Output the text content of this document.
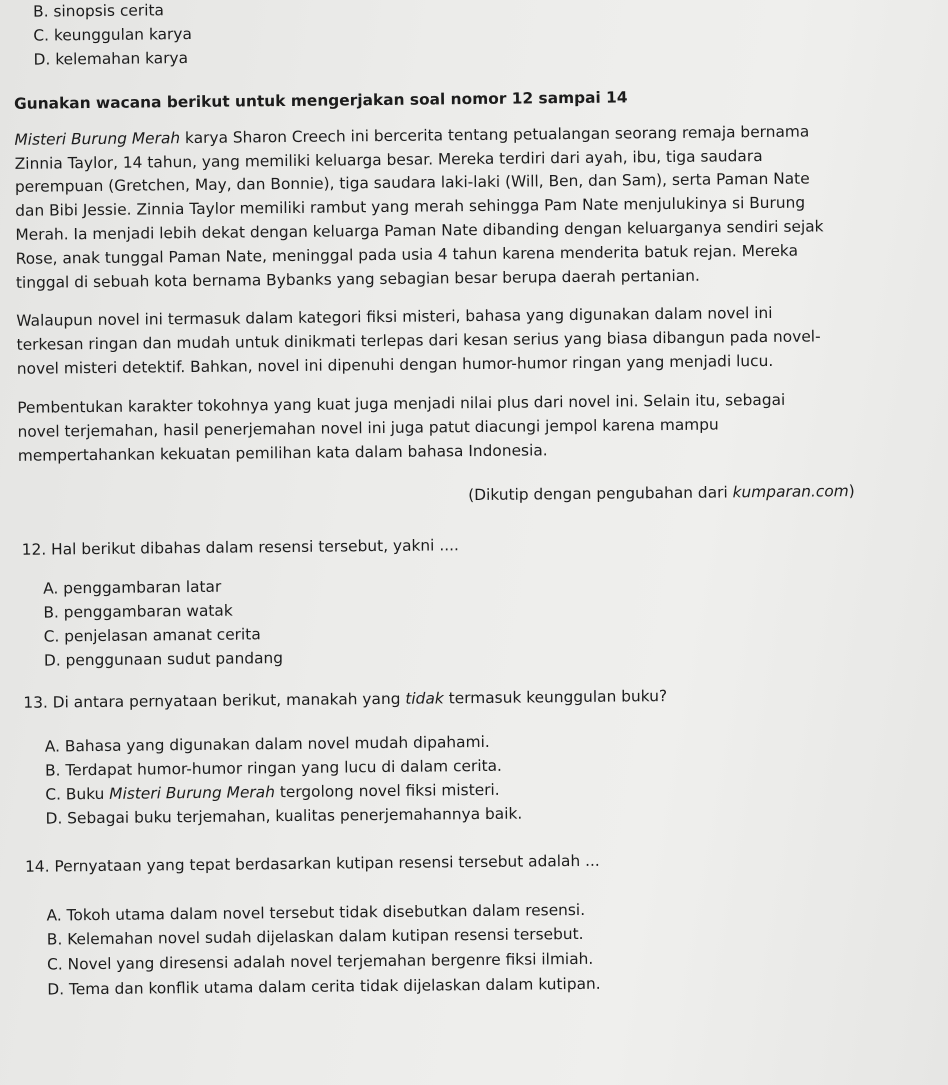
B. sinopsis cerita
C. keunggulan karya
D. kelemahan karya
Gunakan wacana berikut untuk mengerjakan soal nomor 12 sampai 14
Misteri Burung Merah karya Sharon Creech ini bercerita tentang petualangan seorang remaja bernama
Zinnia Taylor, 14 tahun, yang memiliki keluarga besar. Mereka terdiri dari ayah, ibu, tiga saudara
perempuan (Gretchen, May, dan Bonnie), tiga saudara laki-laki (Will, Ben, dan Sam), serta Paman Nate
dan Bibi Jessie. Zinnia Taylor memiliki rambut yang merah sehingga Pam Nate menjulukinya si Burung
Merah. Ia menjadi lebih dekat dengan keluarga Paman Nate dibanding dengan keluarganya sendiri sejak
Rose, anak tunggal Paman Nate, meninggal pada usia 4 tahun karena menderita batuk rejan. Mereka
tinggal di sebuah kota bernama Bybanks yang sebagian besar berupa daerah pertanian.
Walaupun novel ini termasuk dalam kategori fiksi misteri, bahasa yang digunakan dalam novel ini
terkesan ringan dan mudah untuk dinikmati terlepas dari kesan serius yang biasa dibangun pada novel-
novel misteri detektif. Bahkan, novel ini dipenuhi dengan humor-humor ringan yang menjadi lucu.
Pembentukan karakter tokohnya yang kuat juga menjadi nilai plus dari novel ini. Selain itu, sebagai
novel terjemahan, hasil penerjemahan novel ini juga patut diacungi jempol karena mampu
mempertahankan kekuatan pemilihan kata dalam bahasa Indonesia.
(Dikutip dengan pengubahan dari kumparan.com)
12. Hal berikut dibahas dalam resensi tersebut, yakni ....
A. penggambaran latar
B. penggambaran watak
C. penjelasan amanat cerita
D. penggunaan sudut pandang
13. Di antara pernyataan berikut, manakah yang tidak termasuk keunggulan buku?
A. Bahasa yang digunakan dalam novel mudah dipahami.
B. Terdapat humor-humor ringan yang lucu di dalam cerita.
C. Buku Misteri Burung Merah tergolong novel fiksi misteri.
D. Sebagai buku terjemahan, kualitas penerjemahannya baik.
14. Pernyataan yang tepat berdasarkan kutipan resensi tersebut adalah ...
A. Tokoh utama dalam novel tersebut tidak disebutkan dalam resensi.
B. Kelemahan novel sudah dijelaskan dalam kutipan resensi tersebut.
C. Novel yang diresensi adalah novel terjemahan bergenre fiksi ilmiah.
D. Tema dan konflik utama dalam cerita tidak dijelaskan dalam kutipan.
